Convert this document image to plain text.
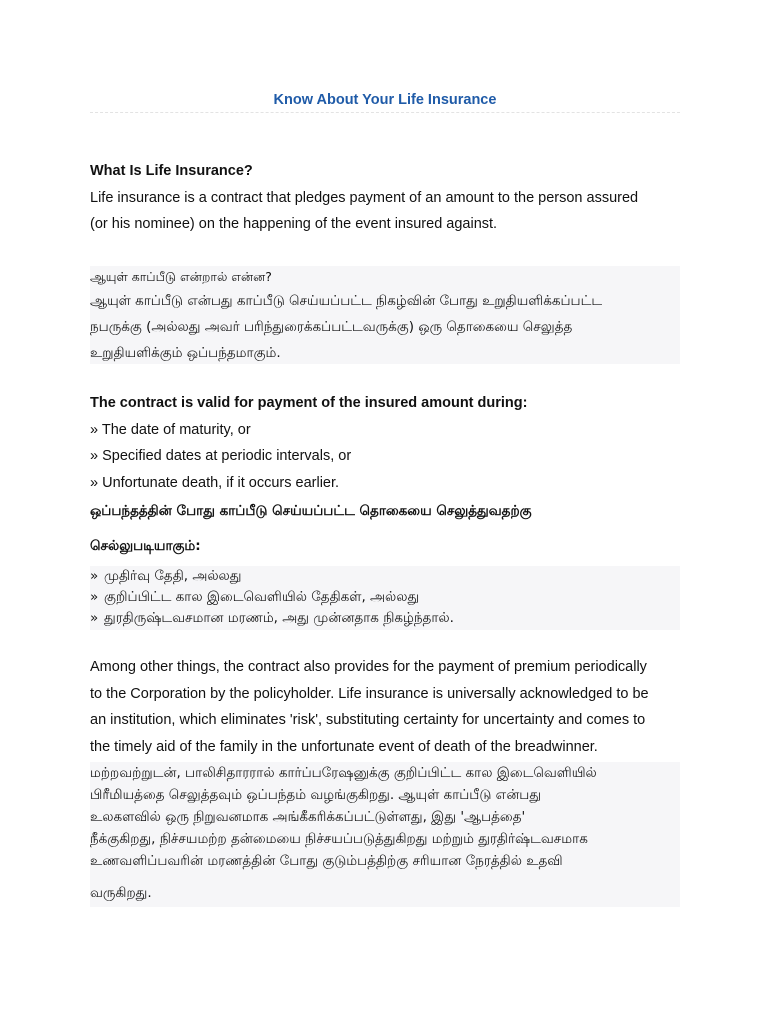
Know About Your Life Insurance
What Is Life Insurance?
Life insurance is a contract that pledges payment of an amount to the person assured
(or his nominee) on the happening of the event insured against.
ஆயுள் காப்பீடு என்றால் என்ன?
ஆயுள் காப்பீடு என்பது காப்பீடு செய்யப்பட்ட நிகழ்வின் போது உறுதியளிக்கப்பட்ட
நபருக்கு (அல்லது அவர் பரிந்துரைக்கப்பட்டவருக்கு) ஒரு தொகையை செலுத்த
உறுதியளிக்கும் ஒப்பந்தமாகும்.
The contract is valid for payment of the insured amount during:
» The date of maturity, or
» Specified dates at periodic intervals, or
» Unfortunate death, if it occurs earlier.
ஒப்பந்தத்தின் போது காப்பீடு செய்யப்பட்ட தொகையை செலுத்துவதற்கு
செல்லுபடியாகும்:
» முதிர்வு தேதி, அல்லது
» குறிப்பிட்ட கால இடைவெளியில் தேதிகள், அல்லது
» துரதிருஷ்டவசமான மரணம், அது முன்னதாக நிகழ்ந்தால்.
Among other things, the contract also provides for the payment of premium periodically
to the Corporation by the policyholder. Life insurance is universally acknowledged to be
an institution, which eliminates 'risk', substituting certainty for uncertainty and comes to
the timely aid of the family in the unfortunate event of death of the breadwinner.
மற்றவற்றுடன், பாலிசிதாரரால் கார்ப்பரேஷனுக்கு குறிப்பிட்ட கால இடைவெளியில்
பிரீமியத்தை செலுத்தவும் ஒப்பந்தம் வழங்குகிறது. ஆயுள் காப்பீடு என்பது
உலகளவில் ஒரு நிறுவனமாக அங்கீகரிக்கப்பட்டுள்ளது, இது 'ஆபத்தை'
நீக்குகிறது, நிச்சயமற்ற தன்மையை நிச்சயப்படுத்துகிறது மற்றும் துரதிர்ஷ்டவசமாக
உணவளிப்பவரின் மரணத்தின் போது குடும்பத்திற்கு சரியான நேரத்தில் உதவி
வருகிறது.
